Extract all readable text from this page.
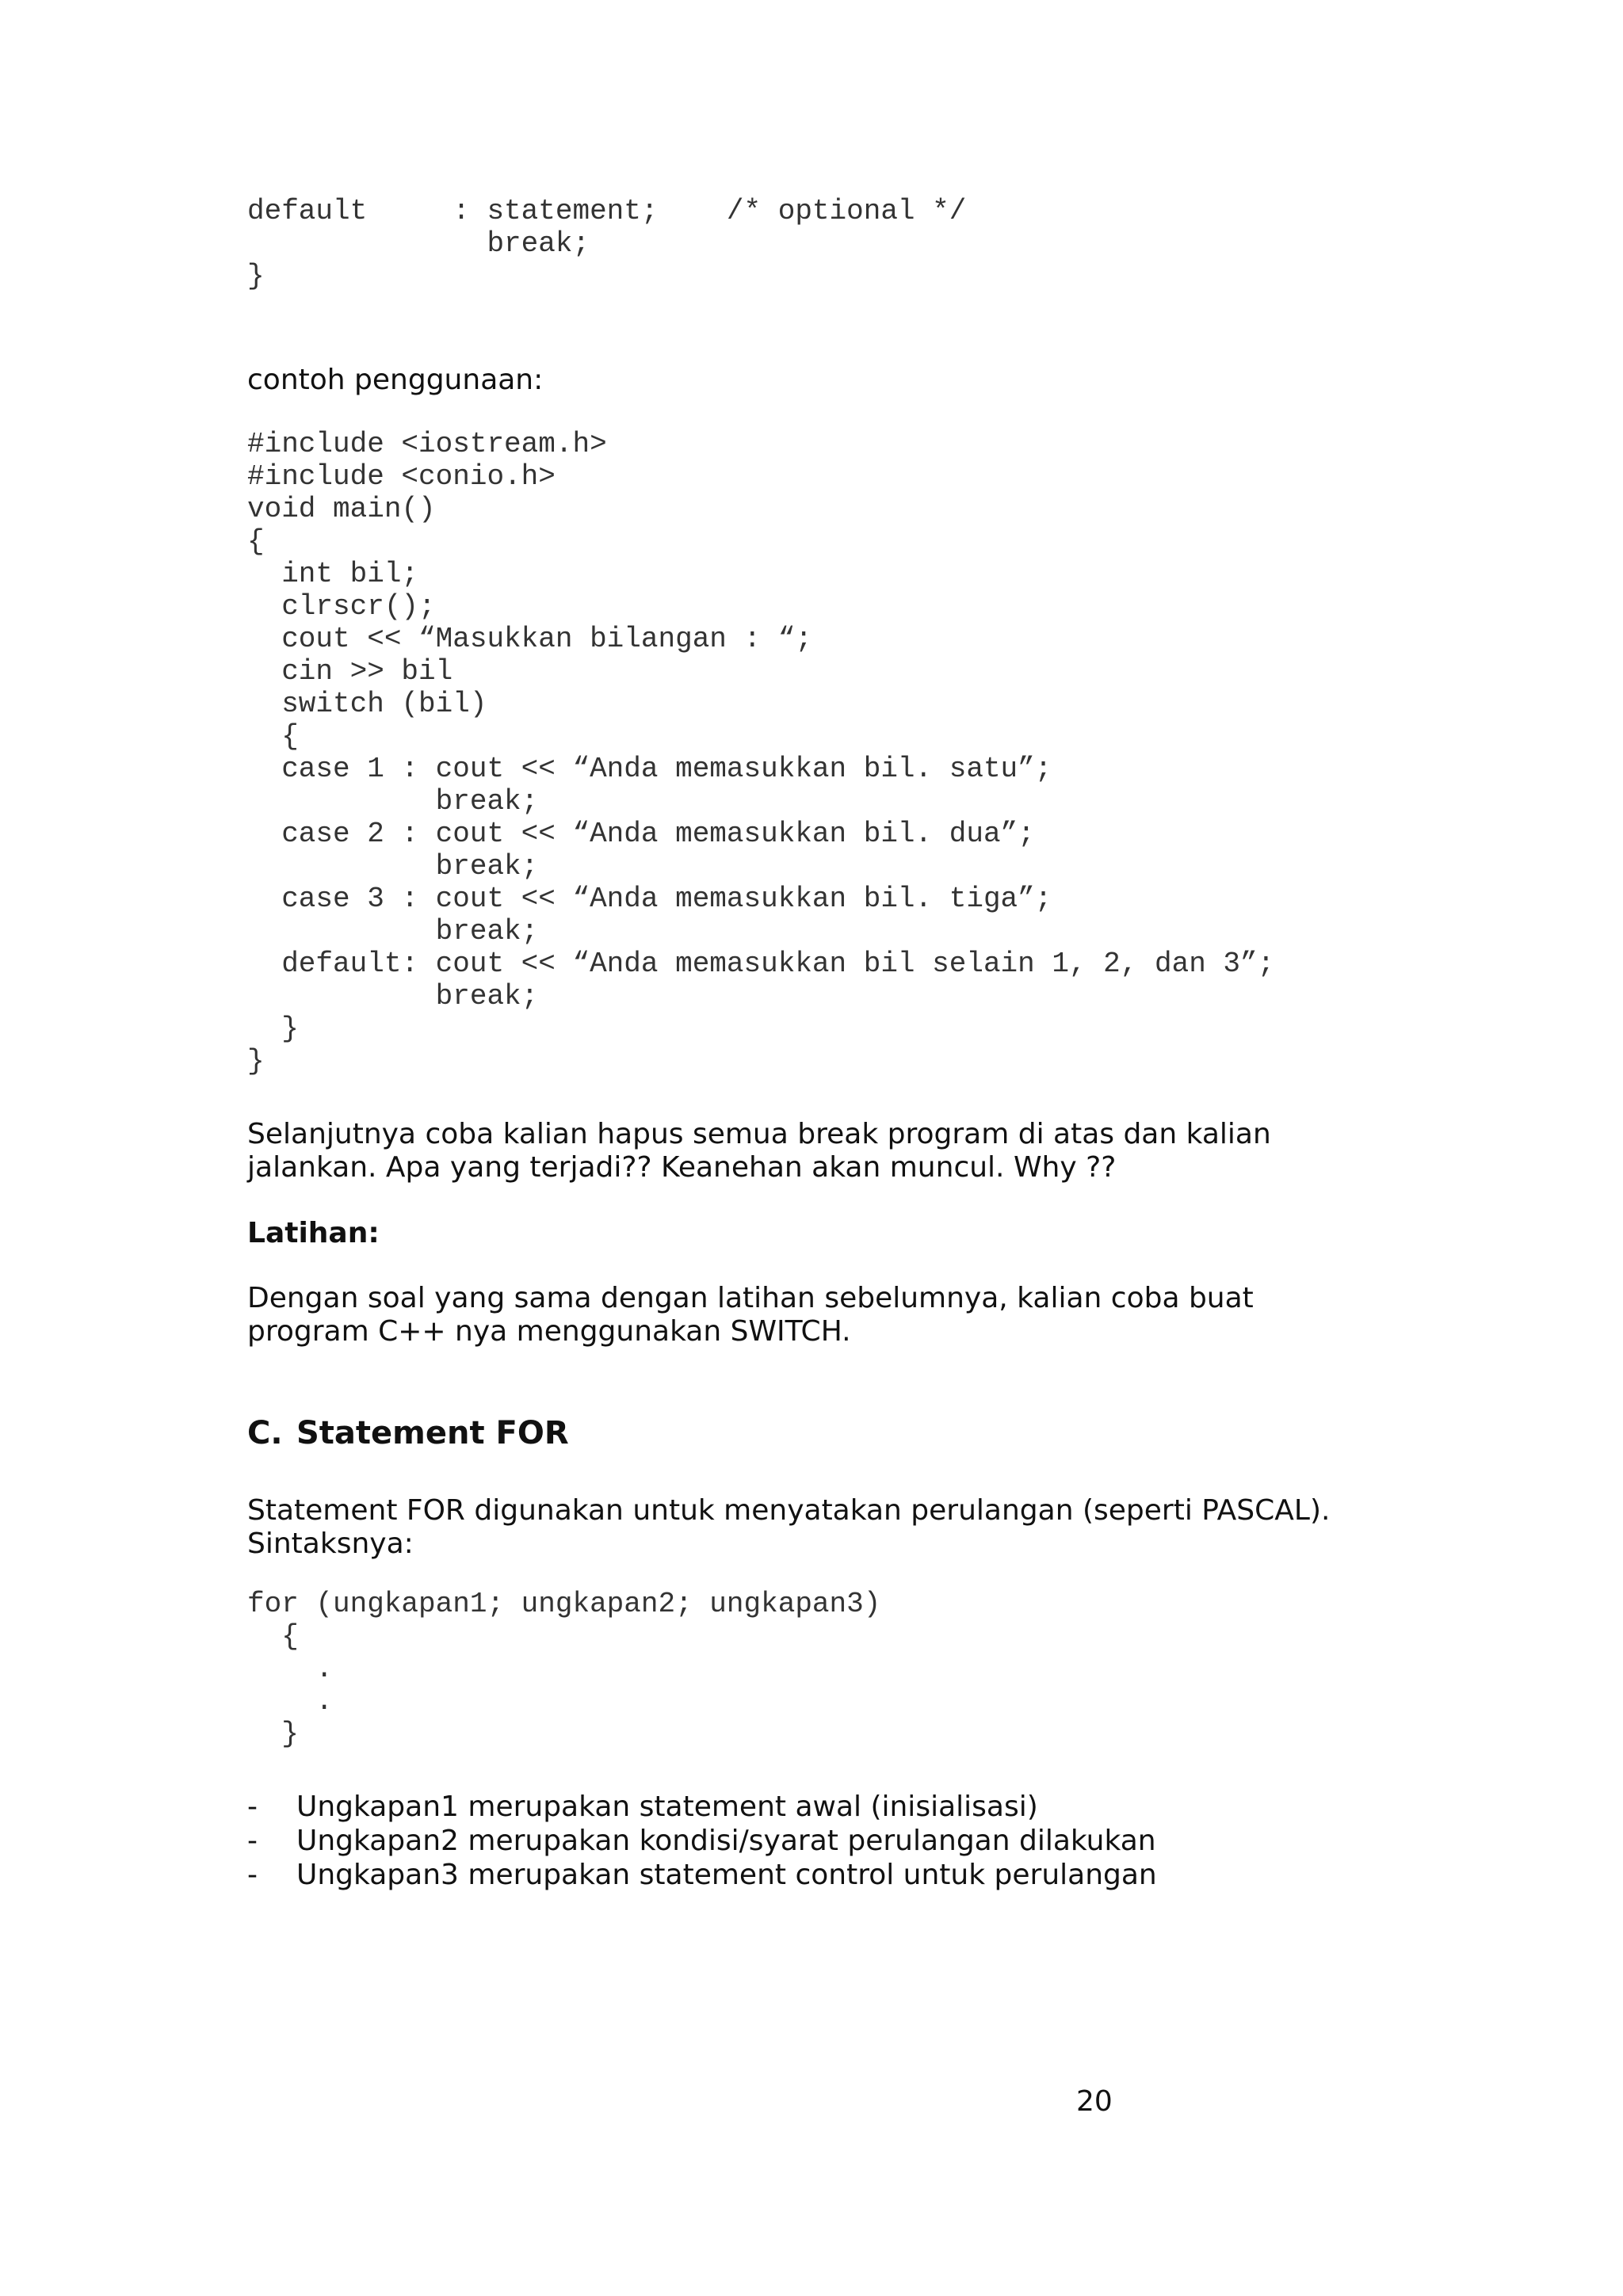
default     : statement;    /* optional */
break;
}

contoh penggunaan:

#include <iostream.h>
#include <conio.h>
void main()
{
int bil;
clrscr();
cout << “Masukkan bilangan : “;
cin >> bil
switch (bil)
{
case 1 : cout << “Anda memasukkan bil. satu”;
break;
case 2 : cout << “Anda memasukkan bil. dua”;
break;
case 3 : cout << “Anda memasukkan bil. tiga”;
break;
default: cout << “Anda memasukkan bil selain 1, 2, dan 3”;
break;
}
}

Selanjutnya coba kalian hapus semua break program di atas dan kalian jalankan. Apa yang terjadi?? Keanehan akan muncul. Why ??

Latihan:

Dengan soal yang sama dengan latihan sebelumnya, kalian coba buat program C++ nya menggunakan SWITCH.

C. Statement FOR

Statement FOR digunakan untuk menyatakan perulangan (seperti PASCAL). Sintaksnya:

for (ungkapan1; ungkapan2; ungkapan3)
{
.
.
}
- Ungkapan1 merupakan statement awal (inisialisasi)
- Ungkapan2 merupakan kondisi/syarat perulangan dilakukan
- Ungkapan3 merupakan statement control untuk perulangan
20
